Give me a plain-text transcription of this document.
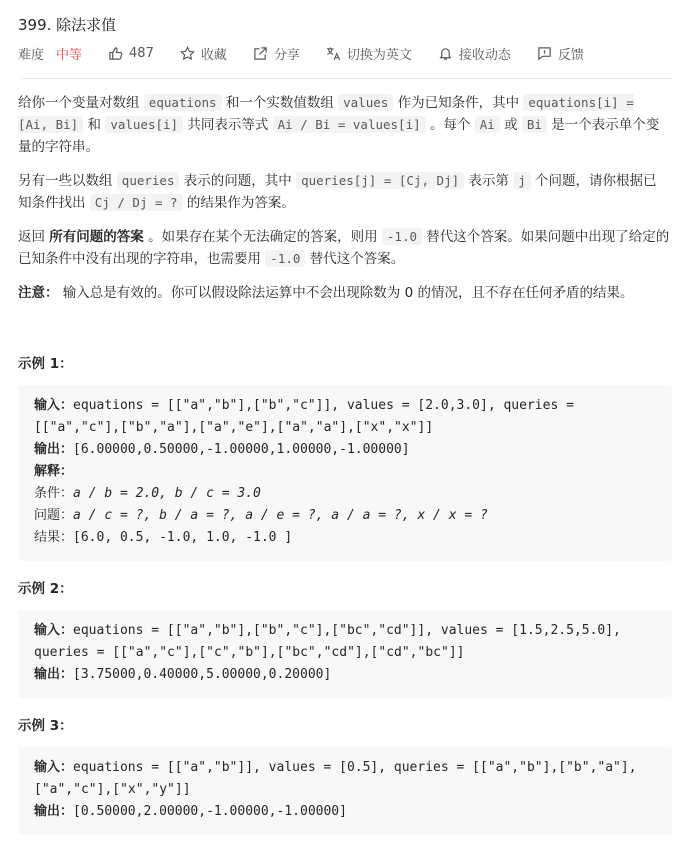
399. 除法求值
难度 中等	487	收藏	分享	切换为英文	接收动态	反馈
给你一个变量对数组 equations 和一个实数值数组 values 作为已知条件，其中 equations[i] = [Ai, Bi] 和 values[i] 共同表示等式 Ai / Bi = values[i] 。每个 Ai 或 Bi 是一个表示单个变量的字符串。
另有一些以数组 queries 表示的问题，其中 queries[j] = [Cj, Dj] 表示第 j 个问题，请你根据已知条件找出 Cj / Dj = ? 的结果作为答案。
返回 所有问题的答案 。如果存在某个无法确定的答案，则用 -1.0 替代这个答案。如果问题中出现了给定的已知条件中没有出现的字符串，也需要用 -1.0 替代这个答案。
注意： 输入总是有效的。你可以假设除法运算中不会出现除数为 0 的情况，且不存在任何矛盾的结果。
示例 1：
输入：equations = [["a","b"],["b","c"]], values = [2.0,3.0], queries =
[["a","c"],["b","a"],["a","e"],["a","a"],["x","x"]]
输出：[6.00000,0.50000,-1.00000,1.00000,-1.00000]
解释：
条件：a / b = 2.0, b / c = 3.0
问题：a / c = ?, b / a = ?, a / e = ?, a / a = ?, x / x = ?
结果：[6.0, 0.5, -1.0, 1.0, -1.0 ]
示例 2：
输入：equations = [["a","b"],["b","c"],["bc","cd"]], values = [1.5,2.5,5.0],
queries = [["a","c"],["c","b"],["bc","cd"],["cd","bc"]]
输出：[3.75000,0.40000,5.00000,0.20000]
示例 3：
输入：equations = [["a","b"]], values = [0.5], queries = [["a","b"],["b","a"],
["a","c"],["x","y"]]
输出：[0.50000,2.00000,-1.00000,-1.00000]
